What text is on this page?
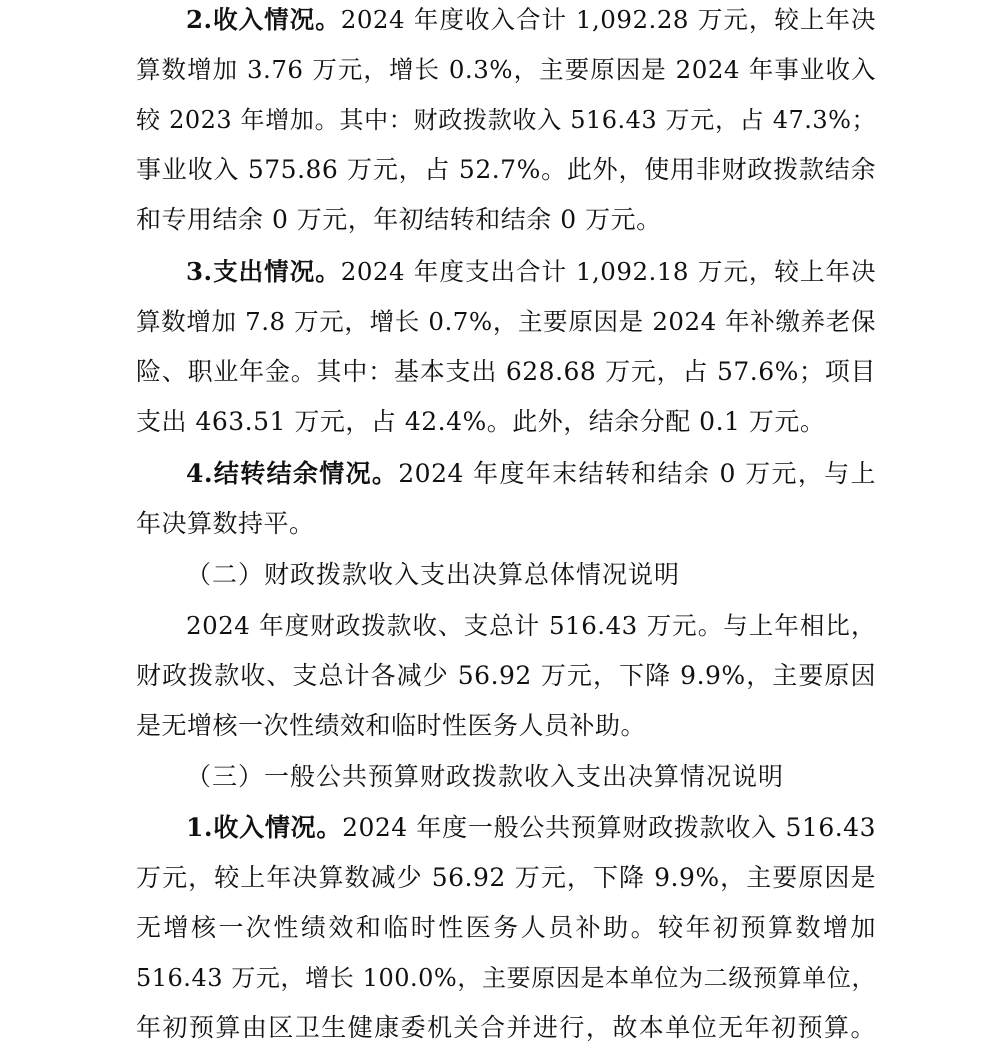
2.收入情况。2024 年度收入合计 1,092.28 万元，较上年决
算数增加 3.76 万元，增长 0.3%，主要原因是 2024 年事业收入
较 2023 年增加。其中：财政拨款收入 516.43 万元，占 47.3%；
事业收入 575.86 万元，占 52.7%。此外，使用非财政拨款结余
和专用结余 0 万元，年初结转和结余 0 万元。
3.支出情况。2024 年度支出合计 1,092.18 万元，较上年决
算数增加 7.8 万元，增长 0.7%，主要原因是 2024 年补缴养老保
险、职业年金。其中：基本支出 628.68 万元，占 57.6%；项目
支出 463.51 万元，占 42.4%。此外，结余分配 0.1 万元。
4.结转结余情况。2024 年度年末结转和结余 0 万元，与上
年决算数持平。
（二）财政拨款收入支出决算总体情况说明
2024 年度财政拨款收、支总计 516.43 万元。与上年相比，
财政拨款收、支总计各减少 56.92 万元，下降 9.9%，主要原因
是无增核一次性绩效和临时性医务人员补助。
（三）一般公共预算财政拨款收入支出决算情况说明
1.收入情况。2024 年度一般公共预算财政拨款收入 516.43
万元，较上年决算数减少 56.92 万元，下降 9.9%，主要原因是
无增核一次性绩效和临时性医务人员补助。较年初预算数增加
516.43 万元，增长 100.0%，主要原因是本单位为二级预算单位，
年初预算由区卫生健康委机关合并进行，故本单位无年初预算。
